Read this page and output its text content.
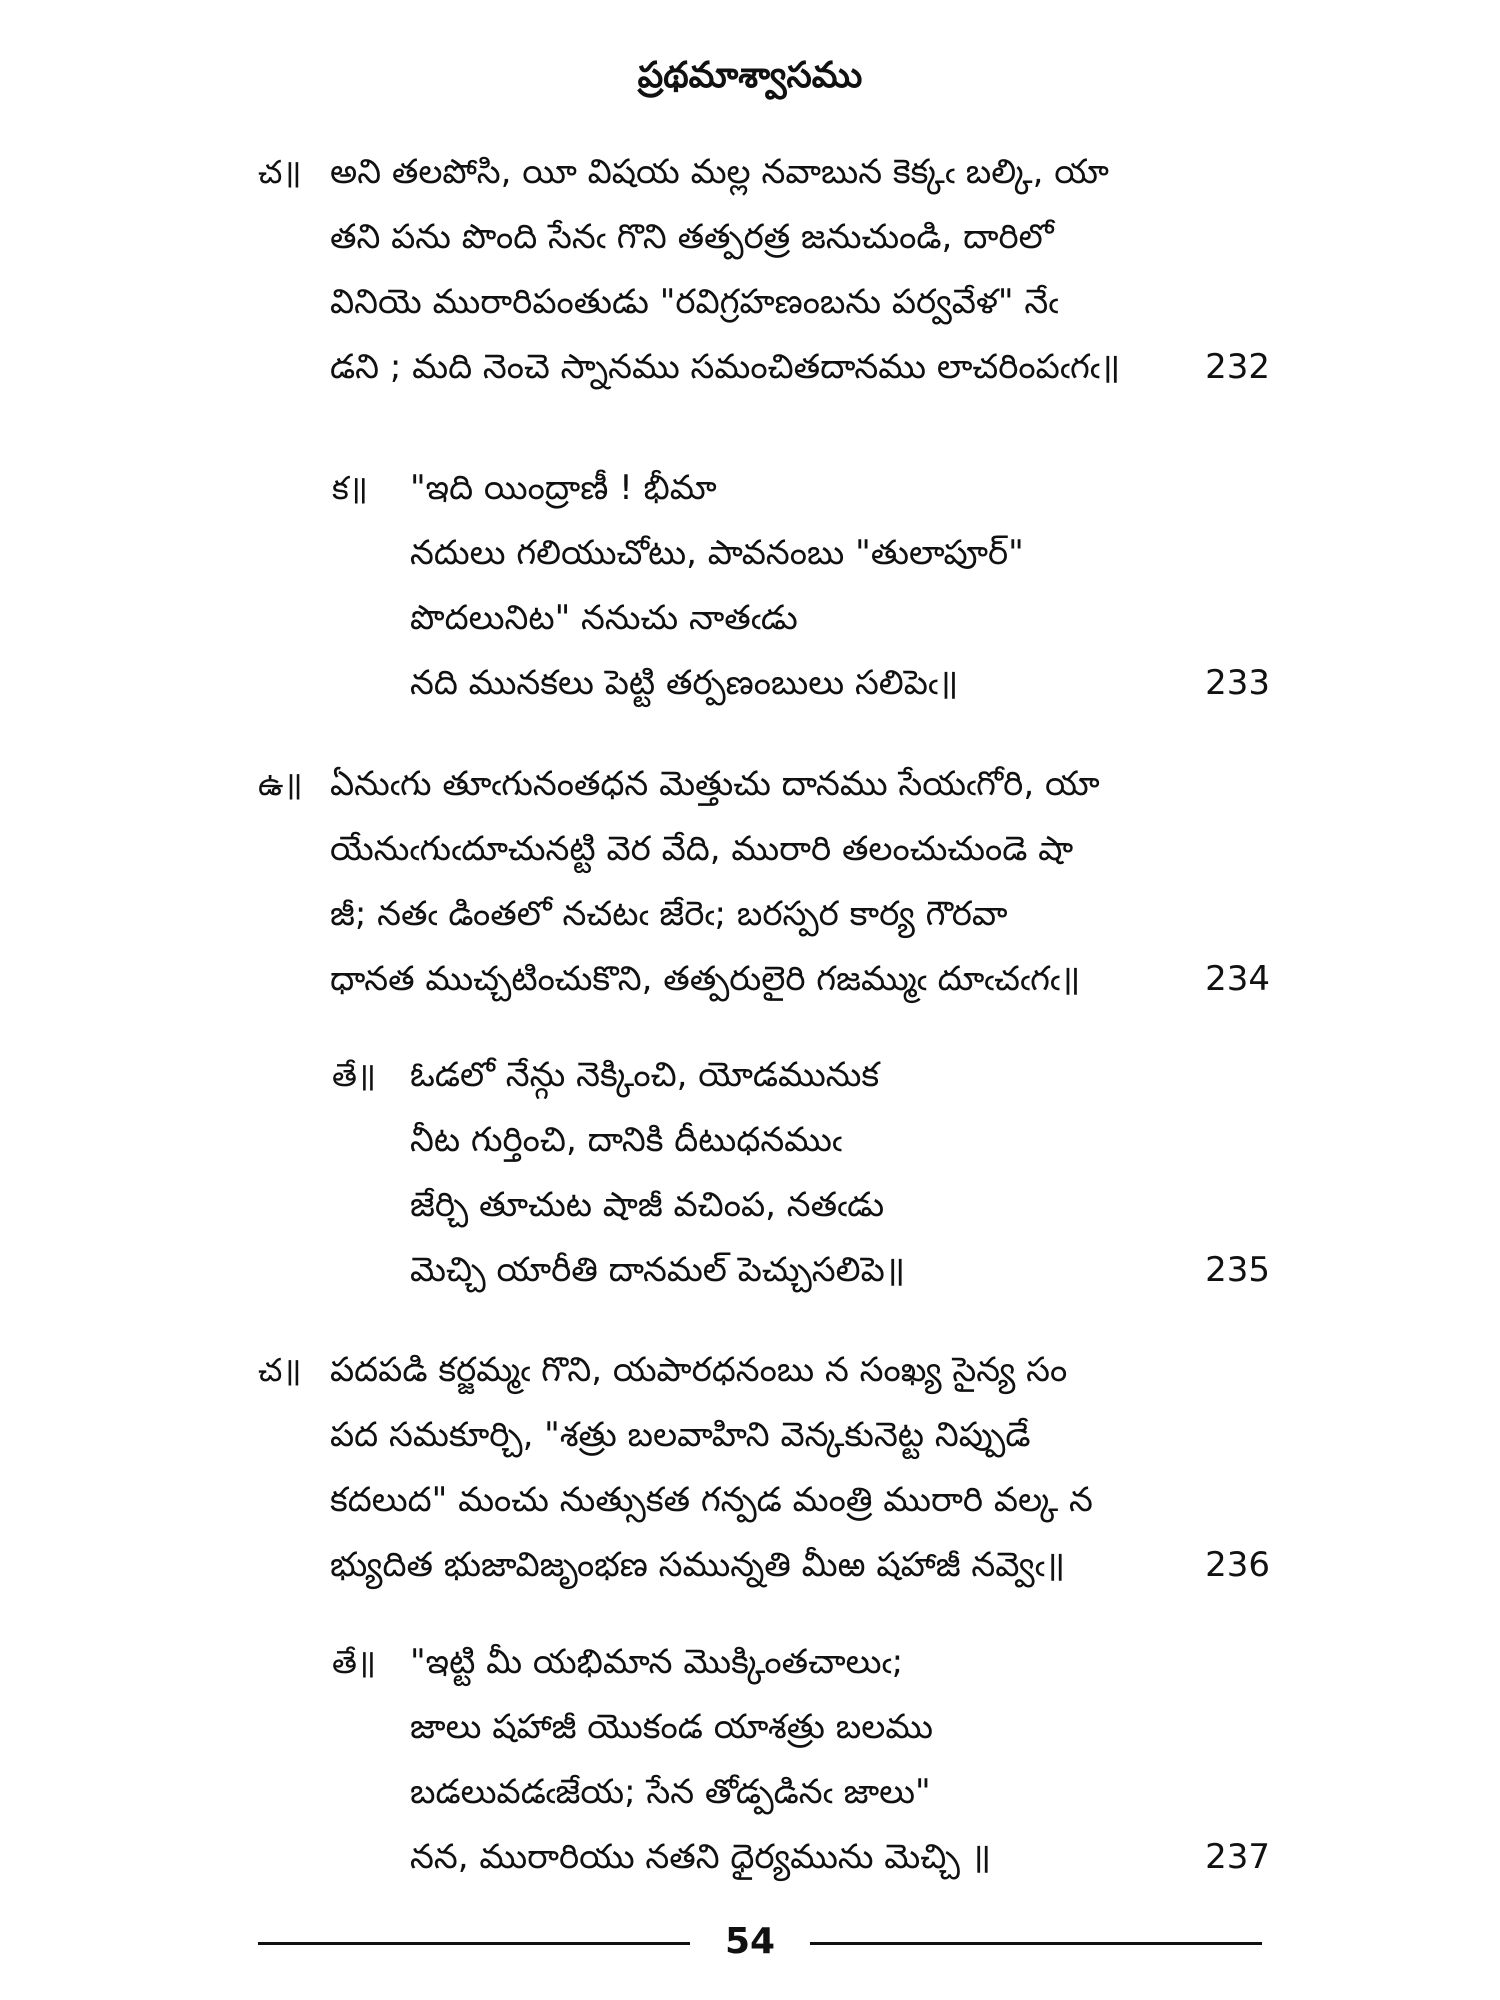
ప్రథమాశ్వాసము
చ॥ అని తలపోసి, యీ విషయ మల్ల నవాబున కెక్కఁ బల్కి, యా
తని పను పొంది సేనఁ గొని తత్పరత్ర జనుచుండి, దారిలో
వినియె మురారిపంతుడు "రవిగ్రహణంబను పర్వవేళ" నేఁ
డని ; మది నెంచె స్నానము సమంచితదానము లాచరింపఁగఁ॥	232
క॥ "ఇది యింద్రాణీ ! భీమా
నదులు గలియుచోటు, పావనంబు "తులాపూర్"
పొదలునిట" ననుచు నాతఁడు
నది మునకలు పెట్టి తర్పణంబులు సలిపెఁ॥	233
ఉ॥ ఏనుఁగు తూఁగునంతధన మెత్తుచు దానము సేయఁగోరి, యా
యేనుఁగుఁదూచునట్టి వెర వేది, మురారి తలంచుచుండె షా
జీ; నతఁ డింతలో నచటఁ జేరెఁ; బరస్పర కార్య గౌరవా
ధానత ముచ్చటించుకొని, తత్పరులైరి గజమ్ముఁ దూఁచఁగఁ॥	234
తే॥ ఓడలో నేన్గు నెక్కించి, యోడమునుక
నీట గుర్తించి, దానికి దీటుధనముఁ
జేర్చి తూచుట షాజీ వచింప, నతఁడు
మెచ్చి యారీతి దానమల్ పెచ్చుసలిపె॥	235
చ॥ పదపడి కర్జమ్మఁ గొని, యపారధనంబు న సంఖ్య సైన్య సం
పద సమకూర్చి, "శత్రు బలవాహిని వెన్కకునెట్ట నిప్పుడే
కదలుద" మంచు నుత్సుకత గన్పడ మంత్రి మురారి వల్క న
భ్యుదిత భుజావిజృంభణ సమున్నతి మీఱ షహాజీ నవ్వెఁ॥	236
తే॥ "ఇట్టి మీ యభిమాన మొక్కింతచాలుఁ;
జాలు షహాజీ యొకండ యాశత్రు బలము
బడలువడఁజేయ; సేన తోడ్పడినఁ జాలు"
నన, మురారియు నతని ధైర్యమును మెచ్చి ॥	237
54
